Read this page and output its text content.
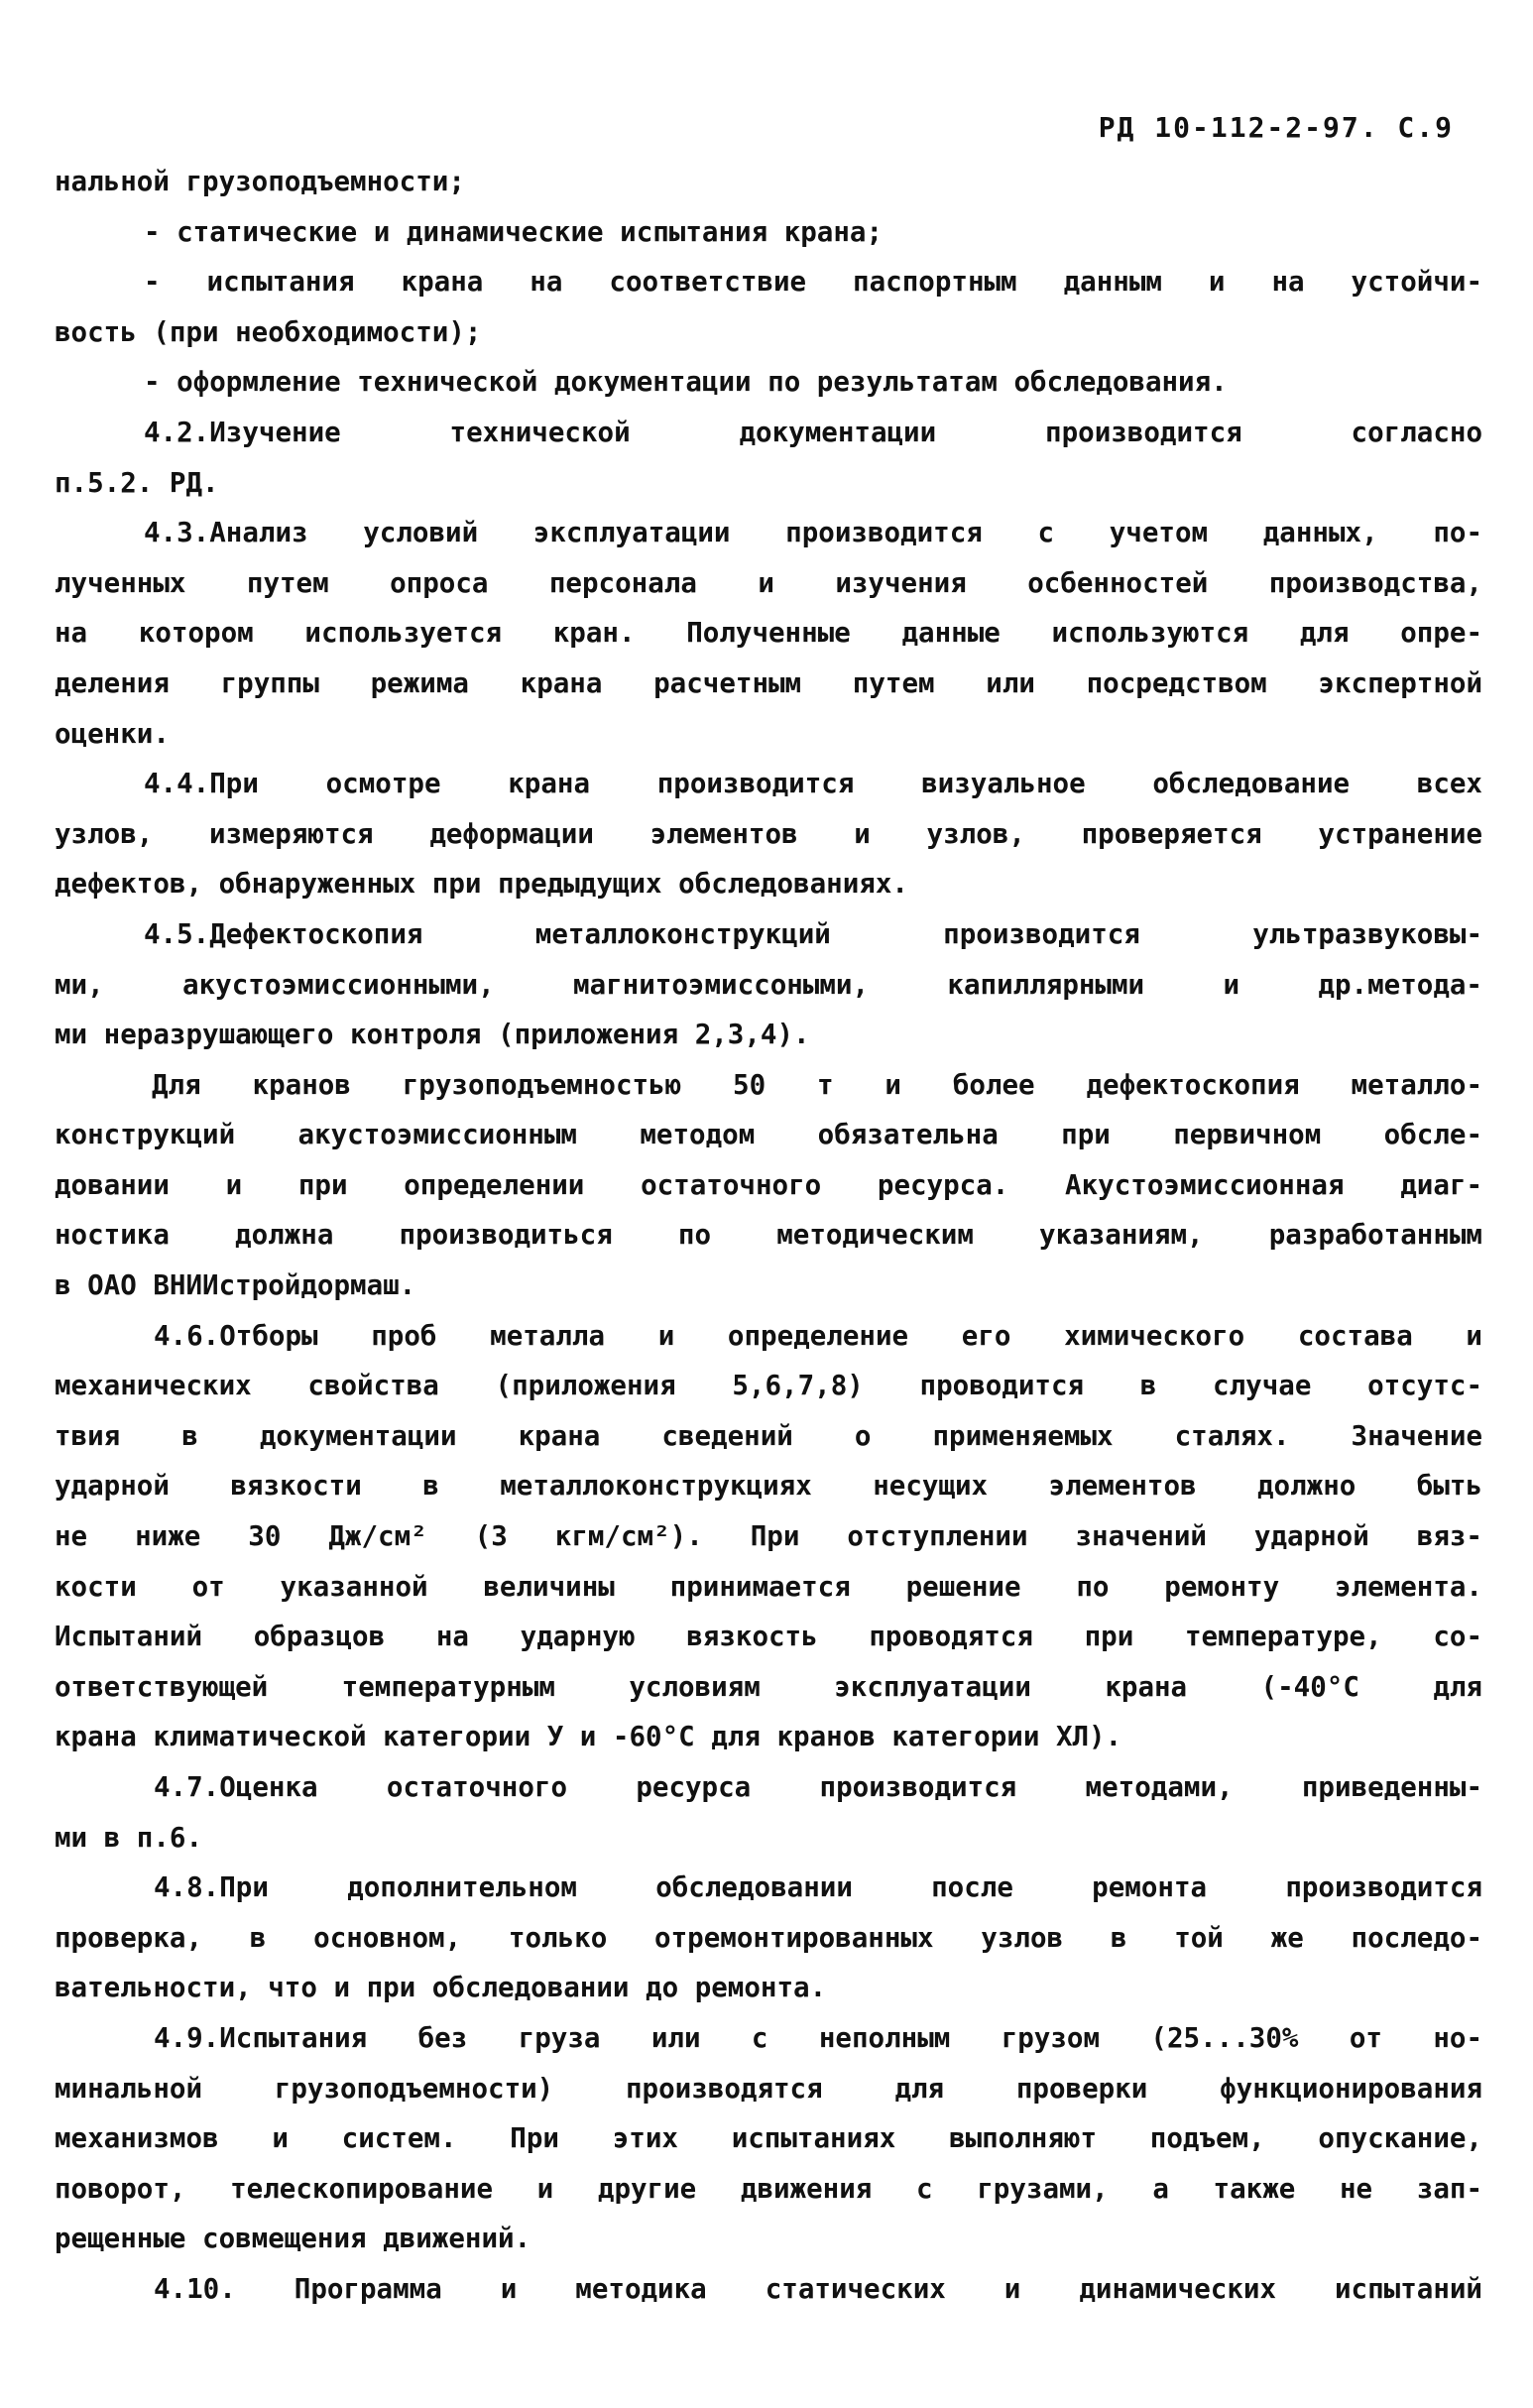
РД 10-112-2-97. С.9
нальной грузоподъемности;
- статические и динамические испытания крана;
- испытания крана на соответствие паспортным данным и на устойчи-
вость (при необходимости);
- оформление технической документации по результатам обследования.
4.2.Изучение технической документации производится согласно
п.5.2. РД.
4.3.Анализ условий эксплуатации производится с учетом данных, по-
лученных путем опроса персонала и изучения осбенностей производства,
на котором используется кран. Полученные данные используются для опре-
деления группы режима крана расчетным путем или посредством экспертной
оценки.
4.4.При осмотре крана производится визуальное обследование всех
узлов, измеряются деформации элементов и узлов, проверяется устранение
дефектов, обнаруженных при предыдущих обследованиях.
4.5.Дефектоскопия металлоконструкций производится ультразвуковы-
ми, акустоэмиссионными, магнитоэмиссоными, капиллярными и др.метода-
ми неразрушающего контроля (приложения 2,3,4).
Для кранов грузоподъемностью 50 т и более дефектоскопия металло-
конструкций акустоэмиссионным методом обязательна при первичном обсле-
довании и при определении остаточного ресурса. Акустоэмиссионная диаг-
ностика должна производиться по методическим указаниям, разработанным
в ОАО ВНИИстройдормаш.
4.6.Отборы проб металла и определение его химического состава и
механических свойства (приложения 5,6,7,8) проводится в случае отсутс-
твия в документации крана сведений о применяемых сталях. Значение
ударной вязкости в металлоконструкциях несущих элементов должно быть
не ниже 30 Дж/см² (3 кгм/см²). При отступлении значений ударной вяз-
кости от указанной величины принимается решение по ремонту элемента.
Испытаний образцов на ударную вязкость проводятся при температуре, со-
ответствующей температурным условиям эксплуатации крана (-40°С для
крана климатической категории У и -60°С для кранов категории ХЛ).
4.7.Оценка остаточного ресурса производится методами, приведенны-
ми в п.6.
4.8.При дополнительном обследовании после ремонта производится
проверка, в основном, только отремонтированных узлов в той же последо-
вательности, что и при обследовании до ремонта.
4.9.Испытания без груза или с неполным грузом (25...30% от но-
минальной грузоподъемности) производятся для проверки функционирования
механизмов и систем. При этих испытаниях выполняют подъем, опускание,
поворот, телескопирование и другие движения с грузами, а также не зап-
рещенные совмещения движений.
4.10. Программа и методика статических и динамических испытаний
